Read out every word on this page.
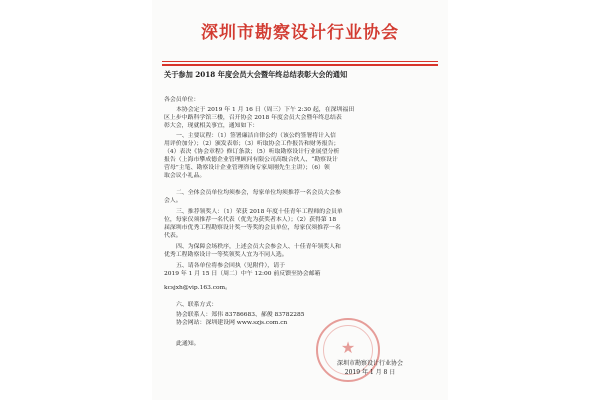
深圳市勘察设计行业协会
关于参加 2018 年度会员大会暨年终总结表彰大会的通知
各会员单位：
本协会定于 2019 年 1 月 16 日（周三）下午 2:30 起，在深圳福田
区上步中路科学馆三楼，召开协会 2018 年度会员大会暨年终总结表
彰大会，现就相关事宜，通知如下：
一、主要议程：（1）签署廉洁自律公约（该公约签署将计入信
用评价加分）；（2）颁发表彰；（3）听取协会工作报告和财务报告；
（4）表决《协会章程》修订条款；（5）听取勘察设计行业展望分析
报告（上海市攀成德企业管理顾问有限公司高级合伙人、“勘察设计
营母”主笔、勘察设计企业管理咨询专家周刚先生主讲）；（6）领
取会议小礼品。
二、全体会员单位均须参会，每家单位均须推荐一名会员大会参
会人。
三、推荐领奖人：（1）荣获 2018 年度十佳青年工程师的会员单
位，每家仅须推荐一名代表（优先为获奖者本人）；（2）获得第 18
届深圳市优秀工程勘察设计奖一等奖的会员单位，每家仅须推荐一名
代表。
四、为保障会场秩序，上述会员大会参会人、十佳青年领奖人和
优秀工程勘察设计一等奖领奖人宜为不同人选。
五、请各单位将参会回执（见附件），请于
2019 年 1 月 15 日（周二）中午 12:00 前反馈至协会邮箱
kcsjxh@vip.163.com。
六、联系方式：
协会联系人：郑伟 83786683、郝俊 83782285
协会网站：深圳建设网 www.szjs.com.cn
此通知。	★
深圳市勘察设计行业协会
2019 年 1 月 8 日
